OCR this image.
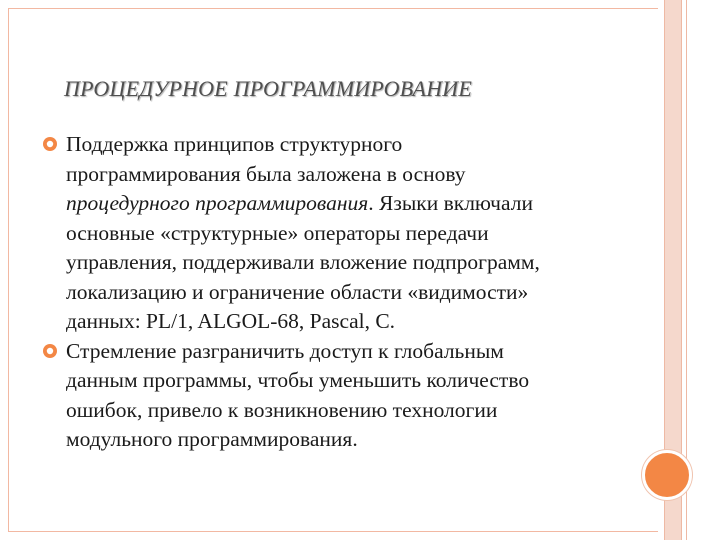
ПРОЦЕДУРНОЕ ПРОГРАММИРОВАНИЕ
Поддержка принципов структурного
программирования была заложена в основу
процедурного программирования. Языки включали
основные «структурные» операторы передачи
управления, поддерживали вложение подпрограмм,
локализацию и ограничение области «видимости»
данных: PL/1, ALGOL-68, Pascal, С.
Стремление разграничить доступ к глобальным
данным программы, чтобы уменьшить количество
ошибок, привело к возникновению технологии
модульного программирования.
